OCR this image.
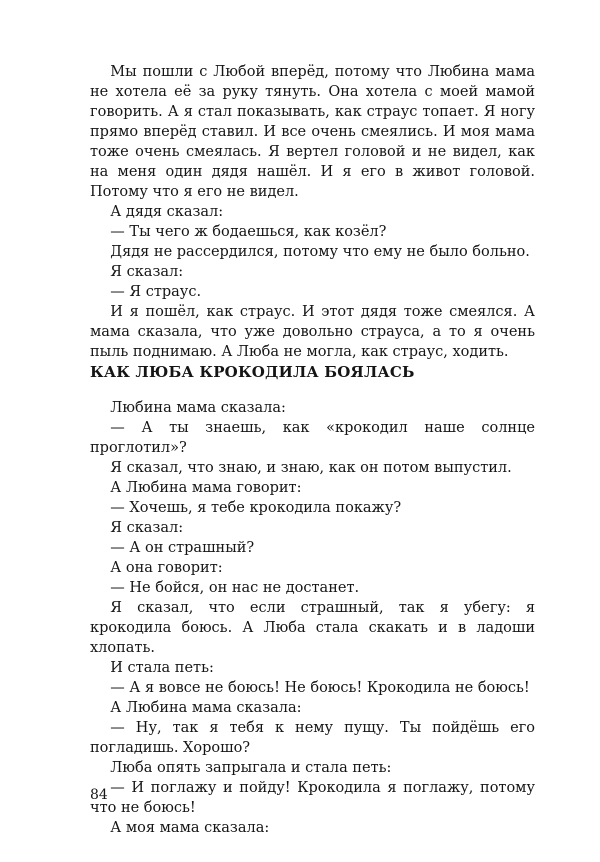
Мы пошли с Любой вперёд, потому что Любина мама не хотела её за руку тянуть. Она хотела с моей мамой говорить. А я стал показывать, как страус топает. Я ногу прямо вперёд ставил. И все очень смеялись. И моя мама тоже очень смеялась. Я вертел головой и не видел, как на меня один дядя нашёл. И я его в живот головой. Потому что я его не видел.

А дядя сказал:

— Ты чего ж бодаешься, как козёл?

Дядя не рассердился, потому что ему не было больно.

Я сказал:

— Я страус.

И я пошёл, как страус. И этот дядя тоже смеялся. А мама сказала, что уже довольно страуса, а то я очень пыль поднимаю. А Люба не могла, как страус, ходить.

КАК ЛЮБА КРОКОДИЛА БОЯЛАСЬ

Любина мама сказала:

— А ты знаешь, как «крокодил наше солнце проглотил»?

Я сказал, что знаю, и знаю, как он потом выпустил.

А Любина мама говорит:

— Хочешь, я тебе крокодила покажу?

Я сказал:

— А он страшный?

А она говорит:

— Не бойся, он нас не достанет.

Я сказал, что если страшный, так я убегу: я крокодила боюсь. А Люба стала скакать и в ладоши хлопать.

И стала петь:

— А я вовсе не боюсь! Не боюсь! Крокодила не боюсь!

А Любина мама сказала:

— Ну, так я тебя к нему пущу. Ты пойдёшь его погладишь. Хорошо?

Люба опять запрыгала и стала петь:

— И поглажу и пойду! Крокодила я поглажу, потому что не боюсь!

А моя мама сказала:

84
